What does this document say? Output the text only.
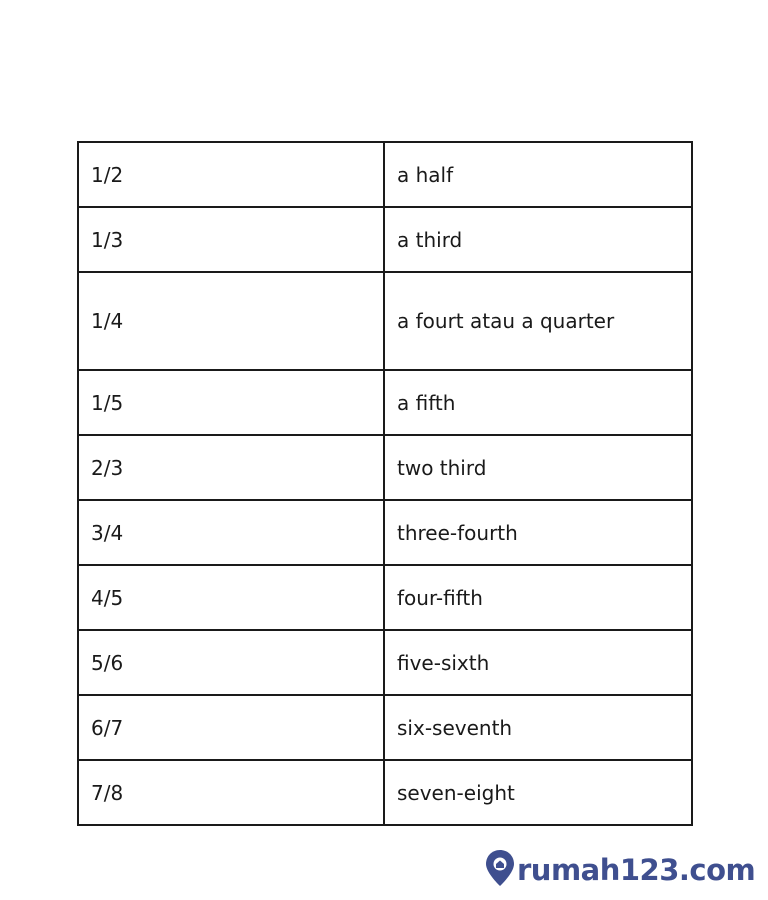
1/2	a half
1/3	a third
1/4	a fourt atau a quarter
1/5	a fifth
2/3	two third
3/4	three-fourth
4/5	four-fifth
5/6	five-sixth
6/7	six-seventh
7/8	seven-eight
rumah123.com
